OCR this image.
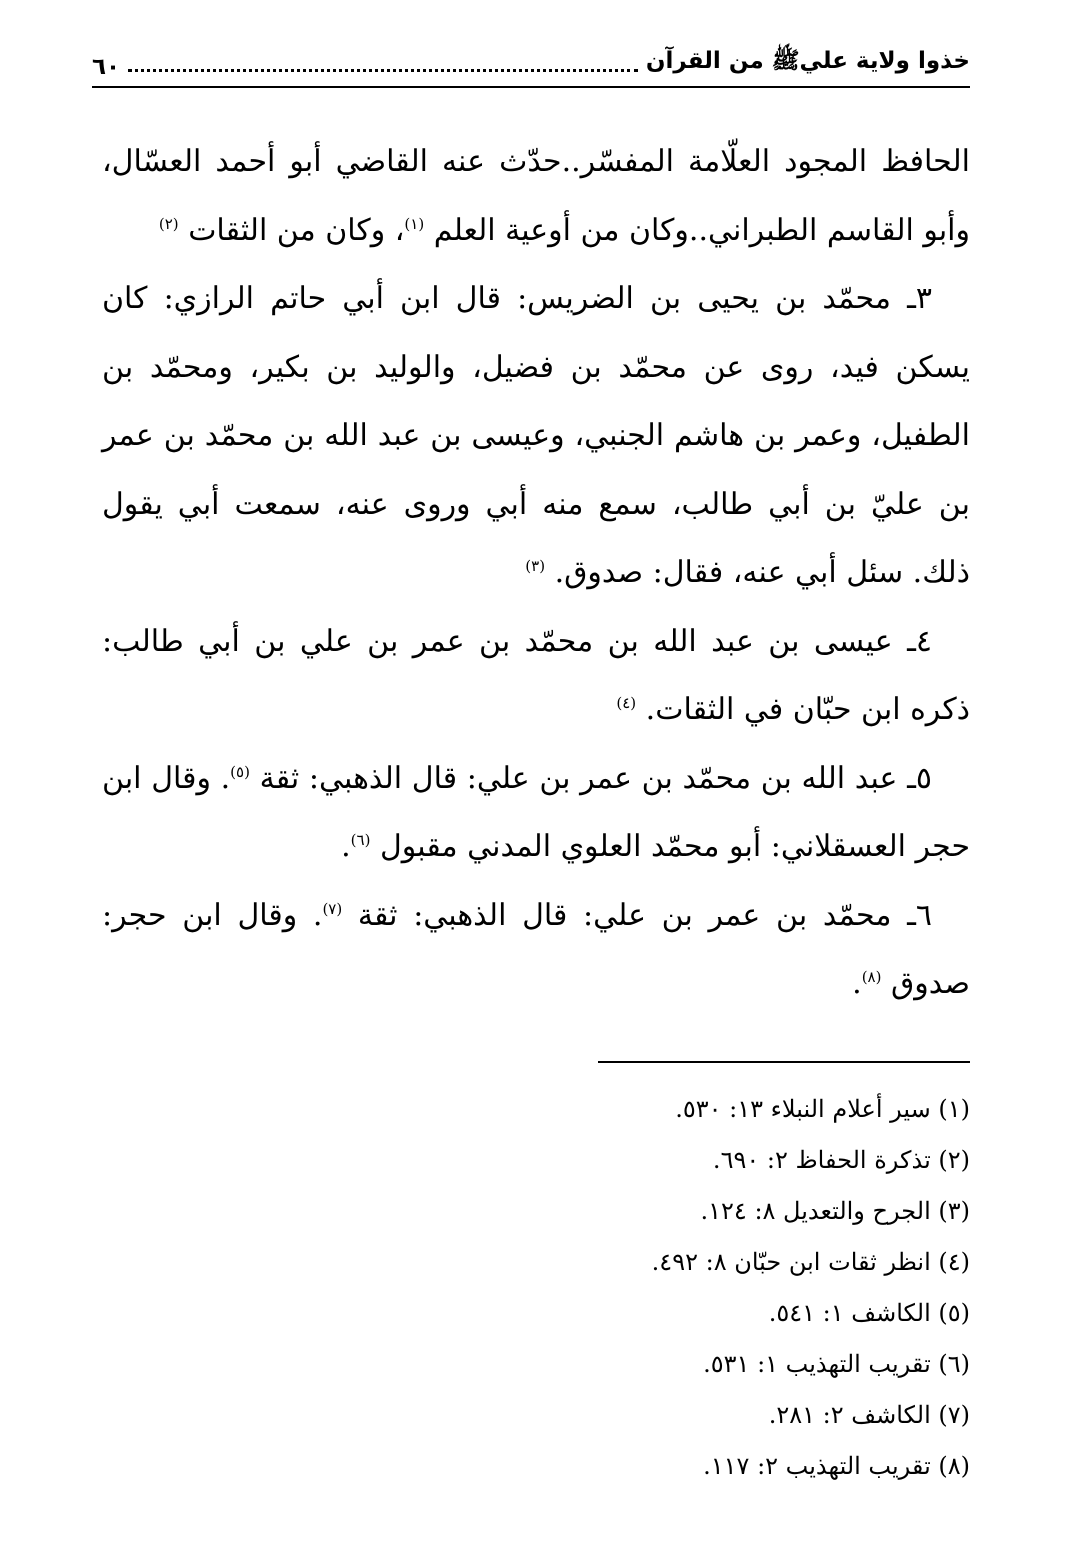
خذوا ولاية عليﷺ من القرآن
٦٠

الحافظ المجود العلّامة المفسّر..حدّث عنه القاضي أبو أحمد العسّال، وأبو القاسم الطبراني..وكان من أوعية العلم $^{(١)}$، وكان من الثقات $^{(٢)}$

٣ـ محمّد بن يحيى بن الضريس: قال ابن أبي حاتم الرازي: كان يسكن فيد، روى عن محمّد بن فضيل، والوليد بن بكير، ومحمّد بن الطفيل، وعمر بن هاشم الجنبي، وعيسى بن عبد الله بن محمّد بن عمر بن عليّ بن أبي طالب، سمع منه أبي وروى عنه، سمعت أبي يقول ذلك. سئل أبي عنه، فقال: صدوق. $^{(٣)}$

٤ـ عيسى بن عبد الله بن محمّد بن عمر بن علي بن أبي طالب: ذكره ابن حبّان في الثقات. $^{(٤)}$

٥ـ عبد الله بن محمّد بن عمر بن علي: قال الذهبي: ثقة $^{(٥)}$. وقال ابن حجر العسقلاني: أبو محمّد العلوي المدني مقبول $^{(٦)}$.

٦ـ محمّد بن عمر بن علي: قال الذهبي: ثقة $^{(٧)}$. وقال ابن حجر: صدوق $^{(٨)}$.

(١) سير أعلام النبلاء ١٣: ٥٣٠.

(٢) تذكرة الحفاظ ٢: ٦٩٠.

(٣) الجرح والتعديل ٨: ١٢٤.

(٤) انظر ثقات ابن حبّان ٨: ٤٩٢.

(٥) الكاشف ١: ٥٤١.

(٦) تقريب التهذيب ١: ٥٣١.

(٧) الكاشف ٢: ٢٨١.

(٨) تقريب التهذيب ٢: ١١٧.
